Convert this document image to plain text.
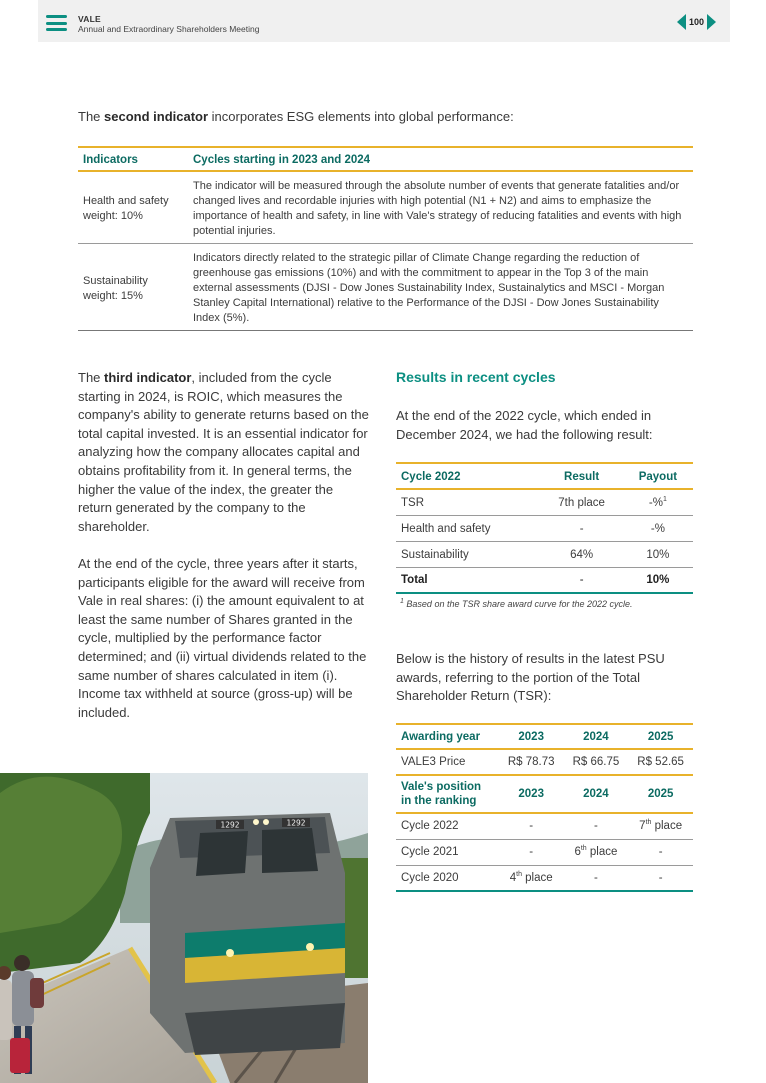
VALE
Annual and Extraordinary Shareholders Meeting
100
The second indicator incorporates ESG elements into global performance:
Indicators	Cycles starting in 2023 and 2024
Health and safety
weight: 10%	The indicator will be measured through the absolute number of events that generate fatalities and/or changed lives and recordable injuries with high potential (N1 + N2) and aims to emphasize the importance of health and safety, in line with Vale's strategy of reducing fatalities and events with high potential injuries.
Sustainability
weight: 15%	Indicators directly related to the strategic pillar of Climate Change regarding the reduction of greenhouse gas emissions (10%) and with the commitment to appear in the Top 3 of the main external assessments (DJSI - Dow Jones Sustainability Index, Sustainalytics and MSCI - Morgan Stanley Capital International) relative to the Performance of the DJSI - Dow Jones Sustainability Index (5%).

The third indicator, included from the cycle starting in 2024, is ROIC, which measures the company's ability to generate returns based on the total capital invested. It is an essential indicator for analyzing how the company allocates capital and obtains profitability from it. In general terms, the higher the value of the index, the greater the return generated by the company to the shareholder.

At the end of the cycle, three years after it starts, participants eligible for the award will receive from Vale in real shares: (i) the amount equivalent to at least the same number of Shares granted in the cycle, multiplied by the performance factor determined; and (ii) virtual dividends related to the same number of shares calculated in item (i). Income tax withheld at source (gross-up) will be included.

Results in recent cycles
At the end of the 2022 cycle, which ended in December 2024, we had the following result:
Cycle 2022	Result	Payout
TSR	7th place	-%$^1$
Health and safety	-	-%
Sustainability	64%	10%
Total	-	10%
$^1$ Based on the TSR share award curve for the 2022 cycle.
Below is the history of results in the latest PSU awards, referring to the portion of the Total Shareholder Return (TSR):
Awarding year	2023	2024	2025
VALE3 Price	R$ 78.73	R$ 66.75	R$ 52.65
Vale's position
in the ranking	2023	2024	2025
Cycle 2022	-	-	7th place
Cycle 2021	-	6th place	-
Cycle 2020	4th place	-	-
1292	1292
